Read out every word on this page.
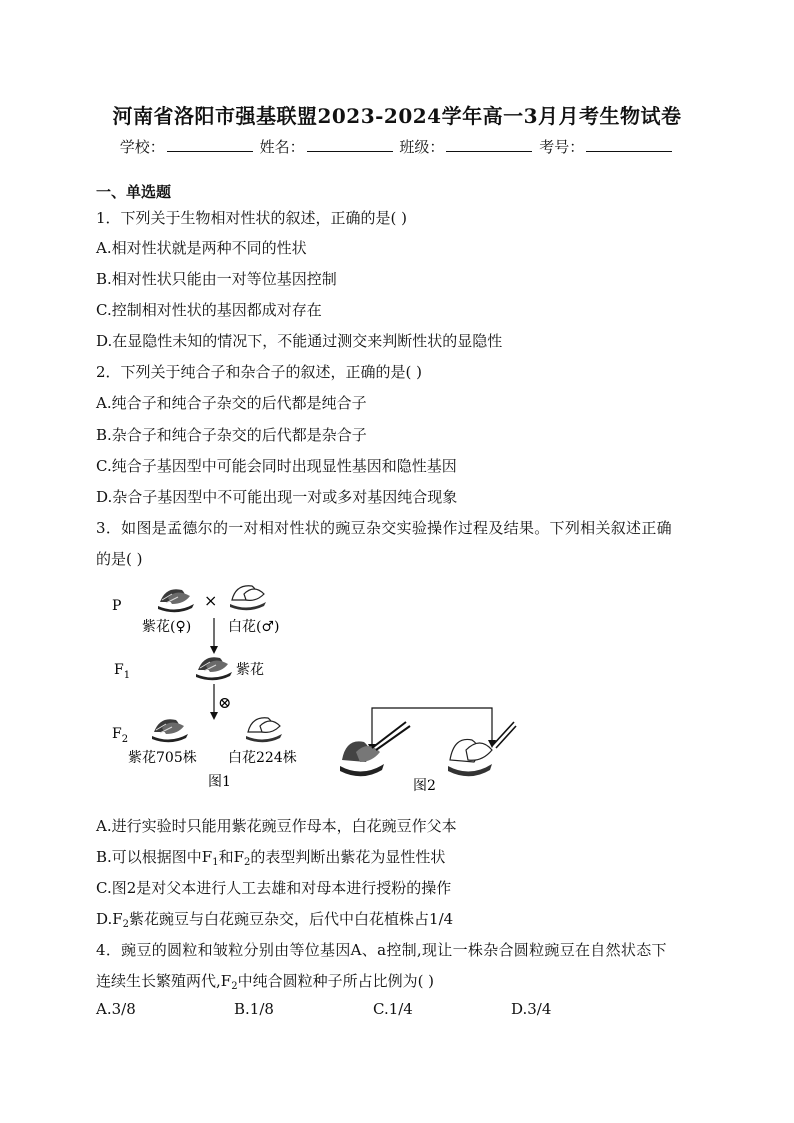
河南省洛阳市强基联盟2023-2024学年高一3月月考生物试卷
学校：	姓名：	班级：	考号：
一、单选题
1．下列关于生物相对性状的叙述，正确的是( )
A.相对性状就是两种不同的性状
B.相对性状只能由一对等位基因控制
C.控制相对性状的基因都成对存在
D.在显隐性未知的情况下，不能通过测交来判断性状的显隐性
2．下列关于纯合子和杂合子的叙述，正确的是( )
A.纯合子和纯合子杂交的后代都是纯合子
B.杂合子和纯合子杂交的后代都是杂合子
C.纯合子基因型中可能会同时出现显性基因和隐性基因
D.杂合子基因型中不可能出现一对或多对基因纯合现象
3．如图是孟德尔的一对相对性状的豌豆杂交实验操作过程及结果。下列相关叙述正确
的是( )
P	×
紫花(♀)	白花(♂)
$F_1$	紫花
⊗
$F_2$
紫花705株 白花224株
图1	图2
A.进行实验时只能用紫花豌豆作母本，白花豌豆作父本
B.可以根据图中$F_1$和$F_2$的表型判断出紫花为显性性状
C.图2是对父本进行人工去雄和对母本进行授粉的操作
$D.F_2$紫花豌豆与白花豌豆杂交，后代中白花植株占1/4
4．豌豆的圆粒和皱粒分别由等位基因A、a控制,现让一株杂合圆粒豌豆在自然状态下
连续生长繁殖两代$,F_2$中纯合圆粒种子所占比例为( )
A.3/8	B.1/8	C.1/4	D.3/4
